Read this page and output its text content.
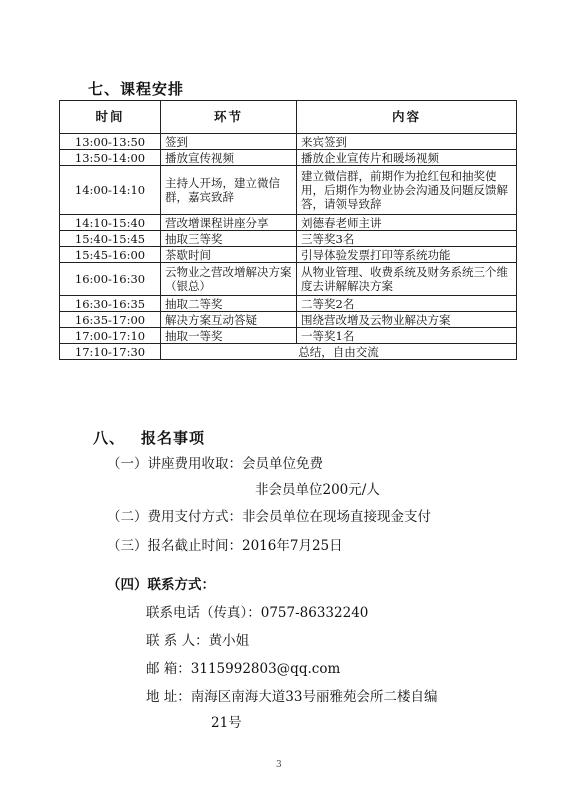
七、课程安排
时间	环节	内容
13:00-13:50	签到	来宾签到
13:50-14:00	播放宣传视频	播放企业宣传片和暖场视频
14:00-14:10	主持人开场，建立微信群，嘉宾致辞	建立微信群，前期作为抢红包和抽奖使用，后期作为物业协会沟通及问题反馈解答，请领导致辞
14:10-15:40	营改增课程讲座分享	刘德春老师主讲
15:40-15:45	抽取三等奖	三等奖3名
15:45-16:00	茶歇时间	引导体验发票打印等系统功能
16:00-16:30	云物业之营改增解决方案（银总）	从物业管理、收费系统及财务系统三个维度去讲解解决方案
16:30-16:35	抽取二等奖	二等奖2名
16:35-17:00	解决方案互动答疑	围绕营改增及云物业解决方案
17:00-17:10	抽取一等奖	一等奖1名
17:10-17:30	总结，自由交流	
八、 报名事项
（一）讲座费用收取：会员单位免费
非会员单位200元/人
（二）费用支付方式：非会员单位在现场直接现金支付
（三）报名截止时间：2016年7月25日
（四）联系方式：
联系电话（传真）：0757-86332240
联 系 人：黄小姐
邮 箱：3115992803@qq.com
地 址：南海区南海大道33号丽雅苑会所二楼自编
21号
3
